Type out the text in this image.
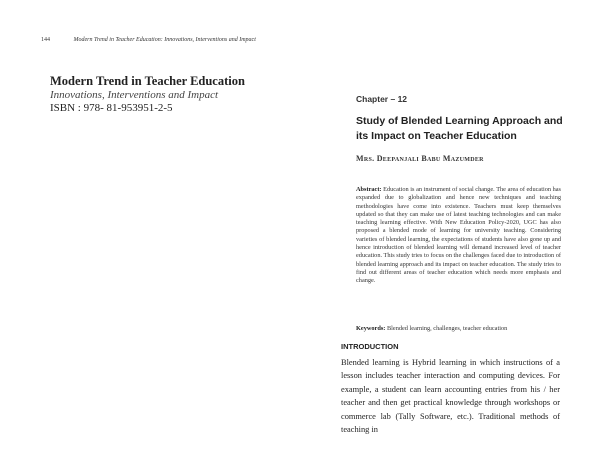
144	Modern Trend in Teacher Education: Innovations, Interventions and Impact
Modern Trend in Teacher Education
Innovations, Interventions and Impact
ISBN : 978- 81-953951-2-5
Chapter – 12
Study of Blended Learning Approach and its Impact on Teacher Education
Mrs. Deepanjali Babu Mazumder
Abstract: Education is an instrument of social change. The area of education has expanded due to globalization and hence new techniques and teaching methodologies have come into existence. Teachers must keep themselves updated so that they can make use of latest teaching technologies and can make teaching learning effective. With New Education Policy-2020, UGC has also proposed a blended mode of learning for university teaching. Considering varieties of blended learning, the expectations of students have also gone up and hence introduction of blended learning will demand increased level of teacher education. This study tries to focus on the challenges faced due to introduction of blended learning approach and its impact on teacher education. The study tries to find out different areas of teacher education which needs more emphasis and change.
Keywords: Blended learning, challenges, teacher education
INTRODUCTION
Blended learning is Hybrid learning in which instructions of a lesson includes teacher interaction and computing devices. For example, a student can learn accounting entries from his / her teacher and then get practical knowledge through workshops or commerce lab (Tally Software, etc.). Traditional methods of teaching in
